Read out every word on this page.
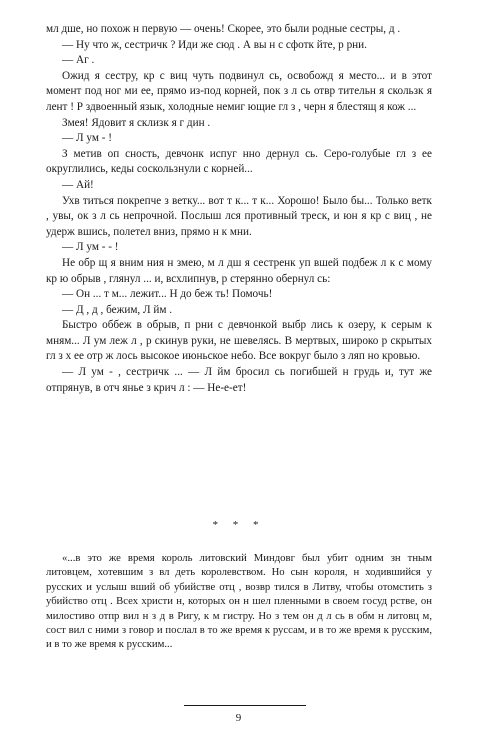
мл дше, но похож н первую — очень! Скорее, это были родные сестры, д .

— Ну что ж, сестричк ? Иди же сюд . А вы н с сфотк йте, р рни.

— Аг .

Ожид я сестру, кр с виц чуть подвинул сь, освобожд я место... и в этот момент под ног ми ее, прямо из-под корней, пок з л сь отвр тительн я скользк я лент ! Р здвоенный язык, холодные немиг ющие гл з , черн я блестящ я кож ...

Змея! Ядовит я склизк я г дин .

— Л ум - !

З метив оп сность, девчонк испуг нно дернул сь. Серо-голубые гл з ее округлились, кеды соскользнули с корней...

— Ай!

Ухв титься покрепче з ветку... вот т к... т к... Хорошо! Было бы... Только ветк , увы, ок з л сь непрочной. Послыш лся противный треск, и юн я кр с виц , не удерж вшись, полетел вниз, прямо н к мни.

— Л ум - - !

Не обр щ я вним ния н змею, м л дш я сестренк уп вшей подбеж л к с мому кр ю обрыв , глянул ... и, всхлипнув, р стерянно обернул сь:

— Он ... т м... лежит... Н до беж ть! Помочь!

— Д , д , бежим, Л йм .

Быстро оббеж в обрыв, п рни с девчонкой выбр лись к озеру, к серым к мням... Л ум леж л , р скинув руки, не шевелясь. В мертвых, широко р скрытых гл з х ее отр ж лось высокое июньское небо. Все вокруг было з ляп но кровью.

— Л ум - , сестричк ... — Л йм бросил сь погибшей н грудь и, тут же отпрянув, в отч янье з крич л : — Не-е-ет!

* * *

«...в это же время король литовский Миндовг был убит одним зн тным литовцем, хотевшим з вл деть королевством. Но сын короля, н ходившийся у русских и услыш вший об убийстве отц , возвр тился в Литву, чтобы отомстить з убийство отц . Всех христи н, которых он н шел пленными в своем госуд рстве, он милостиво отпр вил н з д в Ригу, к м гистру. Но з тем он д л сь в обм н литовц м, сост вил с ними з говор и послал в то же время к руссам, и в то же время к русским, и в то же время к русским...

9
